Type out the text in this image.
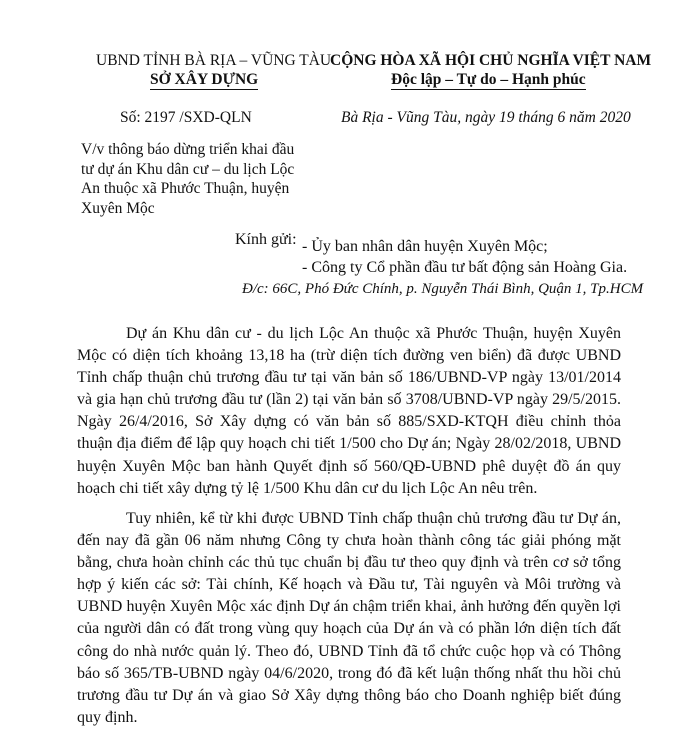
UBND TỈNH BÀ RỊA – VŨNG TÀU
SỞ XÂY DỰNG
Số: 2197 /SXD-QLN
CỘNG HÒA XÃ HỘI CHỦ NGHĨA VIỆT NAM
Độc lập – Tự do – Hạnh phúc
Bà Rịa - Vũng Tàu, ngày 19 tháng 6 năm 2020
V/v thông báo dừng triển khai đầu
tư dự án Khu dân cư – du lịch Lộc
An thuộc xã Phước Thuận, huyện
Xuyên Mộc
Kính gửi: - Ủy ban nhân dân huyện Xuyên Mộc;
- Công ty Cổ phần đầu tư bất động sản Hoàng Gia.
Đ/c: 66C, Phó Đức Chính, p. Nguyễn Thái Bình, Quận 1, Tp.HCM
Dự án Khu dân cư - du lịch Lộc An thuộc xã Phước Thuận, huyện Xuyên Mộc có diện tích khoảng 13,18 ha (trừ diện tích đường ven biển) đã được UBND Tỉnh chấp thuận chủ trương đầu tư tại văn bản số 186/UBND-VP ngày 13/01/2014 và gia hạn chủ trương đầu tư (lần 2) tại văn bản số 3708/UBND-VP ngày 29/5/2015. Ngày 26/4/2016, Sở Xây dựng có văn bản số 885/SXD-KTQH điều chỉnh thỏa thuận địa điểm để lập quy hoạch chi tiết 1/500 cho Dự án; Ngày 28/02/2018, UBND huyện Xuyên Mộc ban hành Quyết định số 560/QĐ-UBND phê duyệt đồ án quy hoạch chi tiết xây dựng tỷ lệ 1/500 Khu dân cư du lịch Lộc An nêu trên.
Tuy nhiên, kể từ khi được UBND Tỉnh chấp thuận chủ trương đầu tư Dự án, đến nay đã gần 06 năm nhưng Công ty chưa hoàn thành công tác giải phóng mặt bằng, chưa hoàn chỉnh các thủ tục chuẩn bị đầu tư theo quy định và trên cơ sở tổng hợp ý kiến các sở: Tài chính, Kế hoạch và Đầu tư, Tài nguyên và Môi trường và UBND huyện Xuyên Mộc xác định Dự án chậm triển khai, ảnh hưởng đến quyền lợi của người dân có đất trong vùng quy hoạch của Dự án và có phần lớn diện tích đất công do nhà nước quản lý. Theo đó, UBND Tỉnh đã tổ chức cuộc họp và có Thông báo số 365/TB-UBND ngày 04/6/2020, trong đó đã kết luận thống nhất thu hồi chủ trương đầu tư Dự án và giao Sở Xây dựng thông báo cho Doanh nghiệp biết đúng quy định.
